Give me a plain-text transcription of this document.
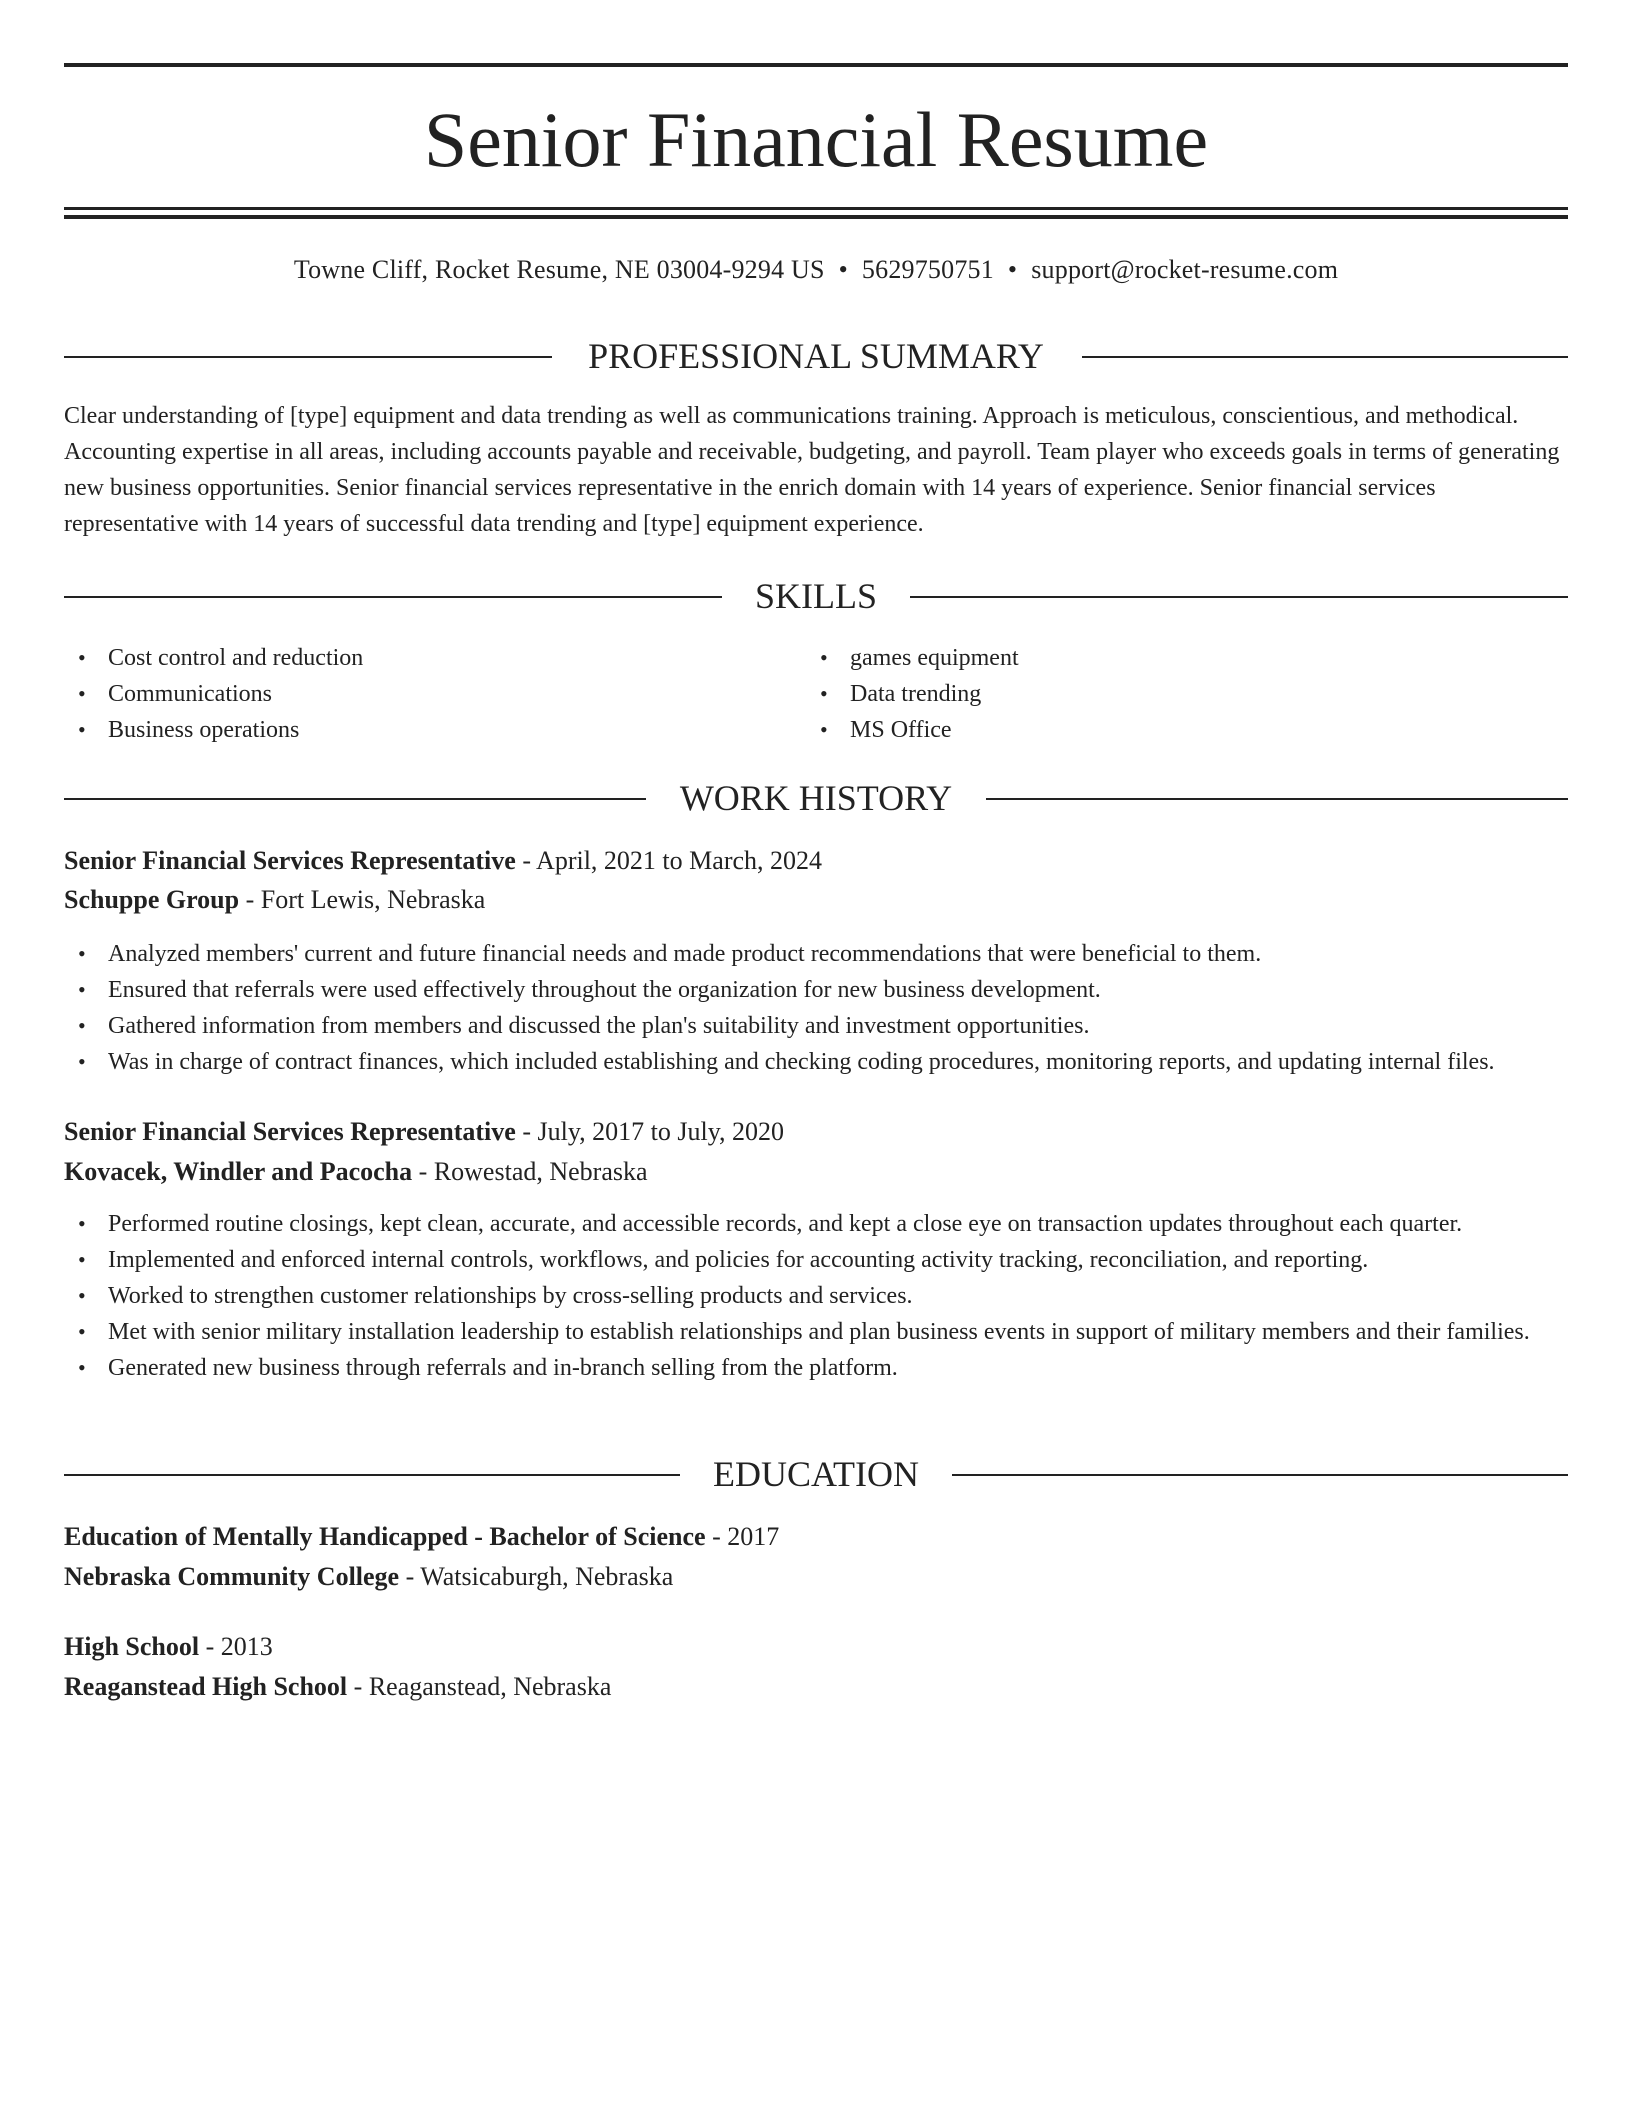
Senior Financial Resume
Towne Cliff, Rocket Resume, NE 03004-9294 US • 5629750751 • support@rocket-resume.com
PROFESSIONAL SUMMARY
Clear understanding of [type] equipment and data trending as well as communications training. Approach is meticulous, conscientious, and methodical. Accounting expertise in all areas, including accounts payable and receivable, budgeting, and payroll. Team player who exceeds goals in terms of generating new business opportunities. Senior financial services representative in the enrich domain with 14 years of experience. Senior financial services representative with 14 years of successful data trending and [type] equipment experience.
SKILLS
• Cost control and reduction
• Communications
• Business operations
• games equipment
• Data trending
• MS Office
WORK HISTORY
Senior Financial Services Representative - April, 2021 to March, 2024
Schuppe Group - Fort Lewis, Nebraska
• Analyzed members' current and future financial needs and made product recommendations that were beneficial to them.
• Ensured that referrals were used effectively throughout the organization for new business development.
• Gathered information from members and discussed the plan's suitability and investment opportunities.
• Was in charge of contract finances, which included establishing and checking coding procedures, monitoring reports, and updating internal files.
Senior Financial Services Representative - July, 2017 to July, 2020
Kovacek, Windler and Pacocha - Rowestad, Nebraska
• Performed routine closings, kept clean, accurate, and accessible records, and kept a close eye on transaction updates throughout each quarter.
• Implemented and enforced internal controls, workflows, and policies for accounting activity tracking, reconciliation, and reporting.
• Worked to strengthen customer relationships by cross-selling products and services.
• Met with senior military installation leadership to establish relationships and plan business events in support of military members and their families.
• Generated new business through referrals and in-branch selling from the platform.
EDUCATION
Education of Mentally Handicapped - Bachelor of Science - 2017
Nebraska Community College - Watsicaburgh, Nebraska
High School - 2013
Reaganstead High School - Reaganstead, Nebraska
